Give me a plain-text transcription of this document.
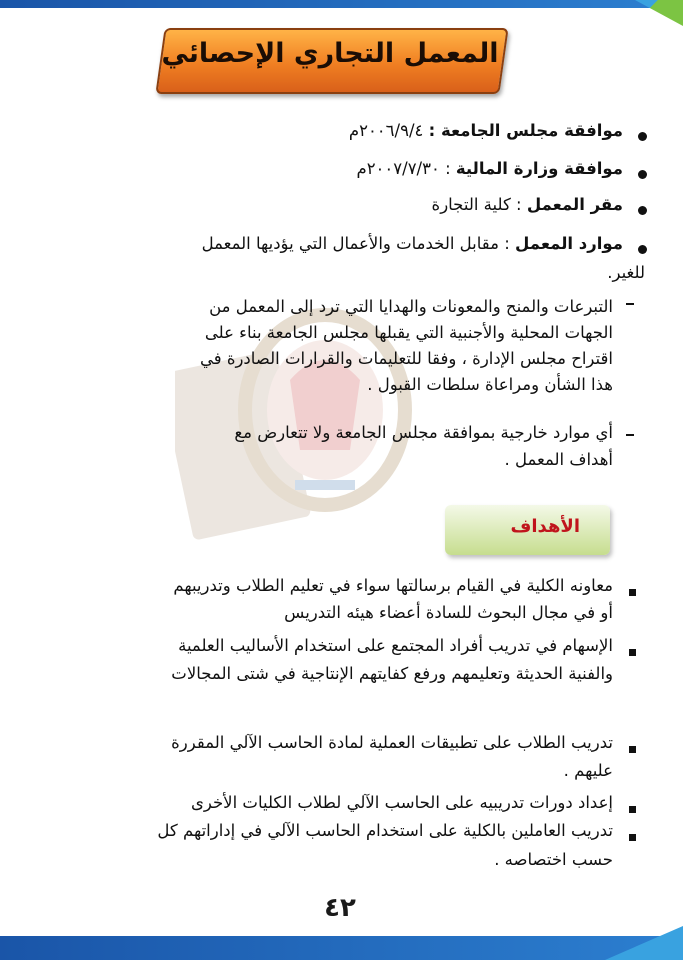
المعمل التجاري الإحصائي
موافقة مجلس الجامعة : ٢٠٠٦/٩/٤م
موافقة وزارة المالية : ٢٠٠٧/٧/٣٠م
مقر المعمل : كلية التجارة
موارد المعمل : مقابل الخدمات والأعمال التي يؤديها المعمل
للغير.
التبرعات والمنح والمعونات والهدايا التي ترد إلى المعمل من
الجهات المحلية والأجنبية التي يقبلها مجلس الجامعة بناء على
اقتراح مجلس الإدارة ، وفقا للتعليمات والقرارات الصادرة في
هذا الشأن ومراعاة سلطات القبول .
أي موارد خارجية بموافقة مجلس الجامعة ولا تتعارض مع
أهداف المعمل .
الأهداف
معاونه الكلية في القيام برسالتها سواء في تعليم الطلاب وتدريبهم
أو في مجال البحوث للسادة أعضاء هيئه التدريس
الإسهام في تدريب أفراد المجتمع على استخدام الأساليب العلمية
والفنية الحديثة وتعليمهم ورفع كفايتهم الإنتاجية في شتى المجالات
تدريب الطلاب على تطبيقات العملية لمادة الحاسب الآلي المقررة
عليهم .
إعداد دورات تدريبيه على الحاسب الآلي لطلاب الكليات الأخرى
تدريب العاملين بالكلية على استخدام الحاسب الآلي في إداراتهم كل
حسب اختصاصه .
٤٢
